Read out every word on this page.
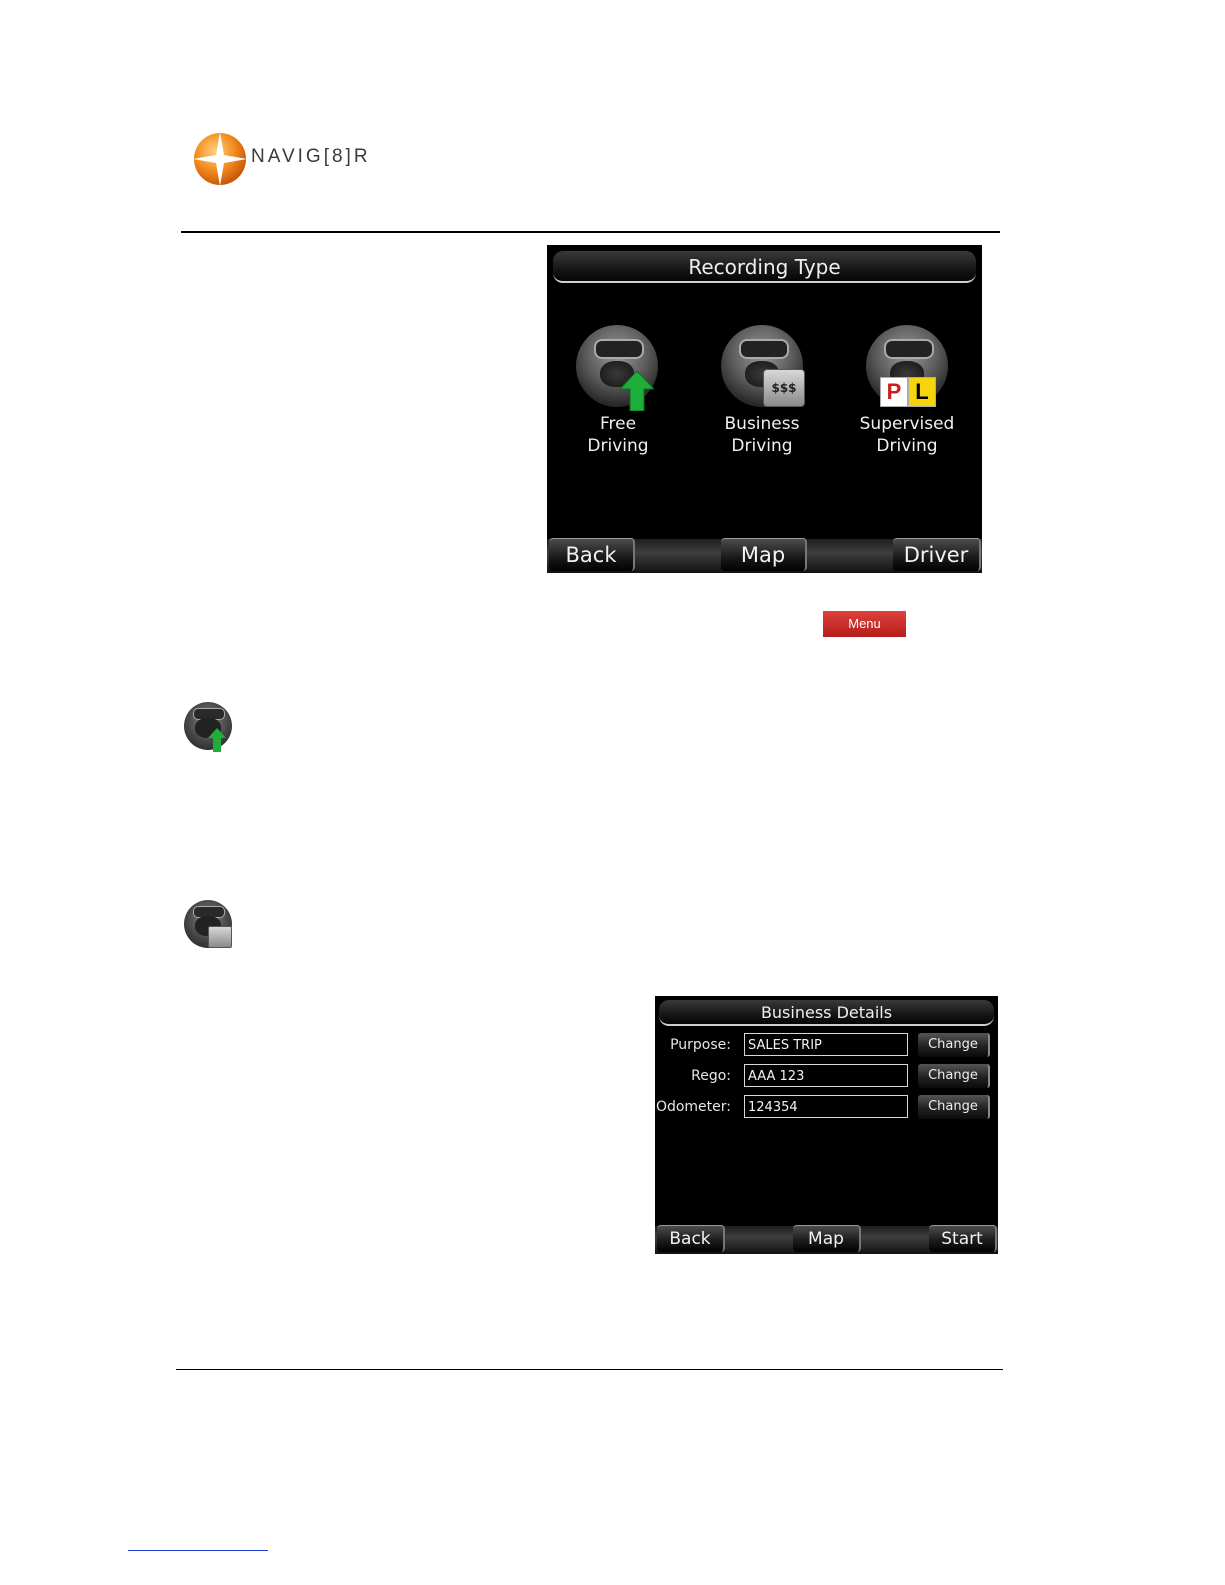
NAVIG[8]R
Recording Type
Free
Driving
$$$
Business
Driving
P L
Supervised
Driving
Back	Map	Driver
Menu
Business Details
Purpose:	SALES TRIP	Change
Rego:	AAA 123	Change
Odometer:	124354	Change
Back	Map	Start
